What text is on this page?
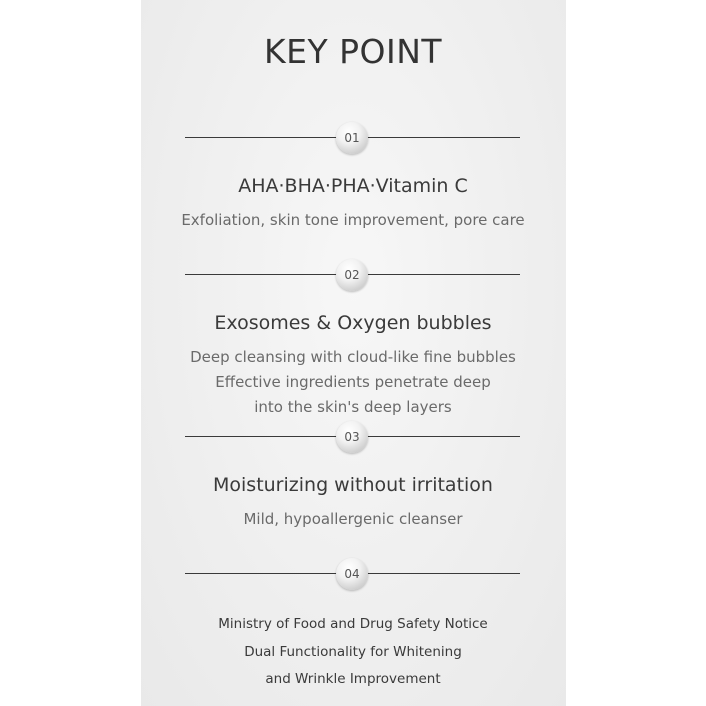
KEY POINT
01
AHA·BHA·PHA·Vitamin C
Exfoliation, skin tone improvement, pore care
02
Exosomes & Oxygen bubbles
Deep cleansing with cloud-like fine bubbles
Effective ingredients penetrate deep
into the skin's deep layers
03
Moisturizing without irritation
Mild, hypoallergenic cleanser
04
Ministry of Food and Drug Safety Notice
Dual Functionality for Whitening
and Wrinkle Improvement
